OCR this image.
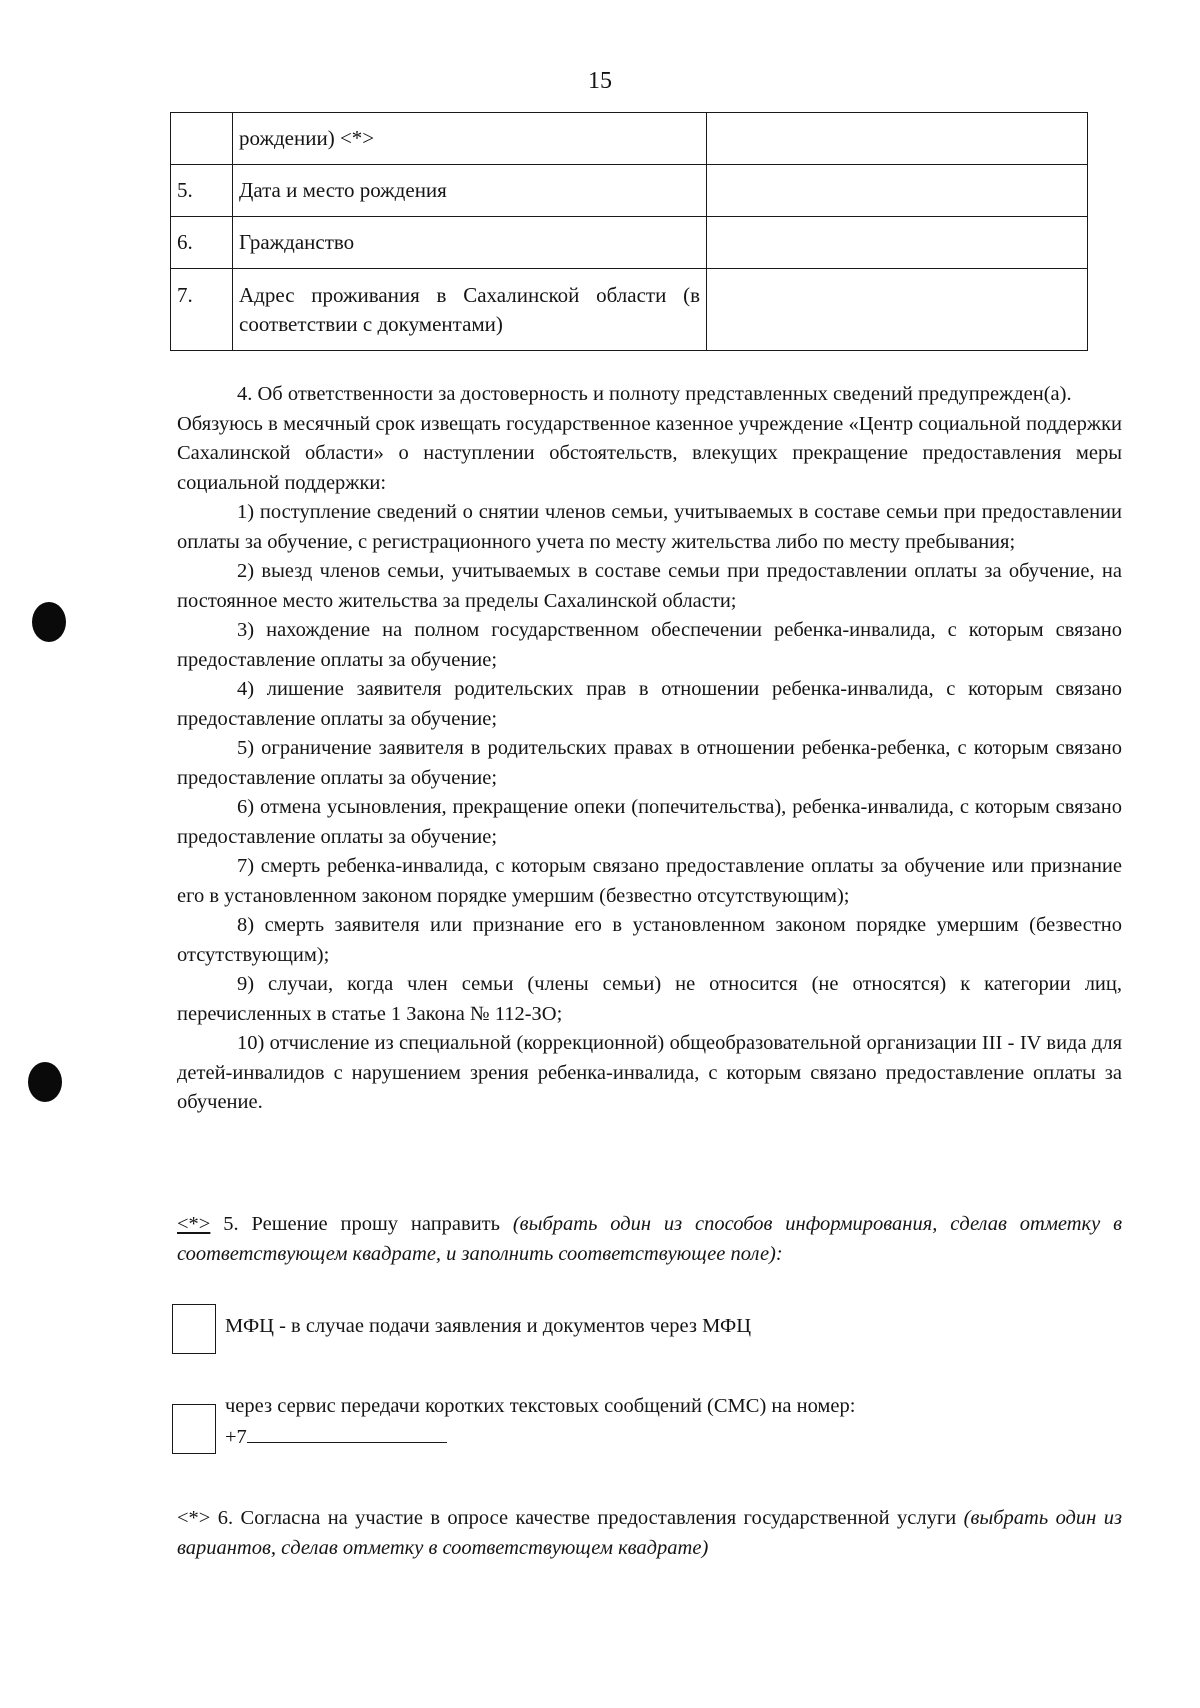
15
	рождении) <*>	
5.	Дата и место рождения	
6.	Гражданство	
7.	Адрес проживания в Сахалинской области (в соответствии с документами)	

4. Об ответственности за достоверность и полноту представленных сведений предупрежден(а).

Обязуюсь в месячный срок извещать государственное казенное учреждение «Центр социальной поддержки Сахалинской области» о наступлении обстоятельств, влекущих прекращение предоставления меры социальной поддержки:

1) поступление сведений о снятии членов семьи, учитываемых в составе семьи при предоставлении оплаты за обучение, с регистрационного учета по месту жительства либо по месту пребывания;

2) выезд членов семьи, учитываемых в составе семьи при предоставлении оплаты за обучение, на постоянное место жительства за пределы Сахалинской области;

3) нахождение на полном государственном обеспечении ребенка-инвалида, с которым связано предоставление оплаты за обучение;

4) лишение заявителя родительских прав в отношении ребенка-инвалида, с которым связано предоставление оплаты за обучение;

5) ограничение заявителя в родительских правах в отношении ребенка-ребенка, с которым связано предоставление оплаты за обучение;

6) отмена усыновления, прекращение опеки (попечительства), ребенка-инвалида, с которым связано предоставление оплаты за обучение;

7) смерть ребенка-инвалида, с которым связано предоставление оплаты за обучение или признание его в установленном законом порядке умершим (безвестно отсутствующим);

8) смерть заявителя или признание его в установленном законом порядке умершим (безвестно отсутствующим);

9) случаи, когда член семьи (члены семьи) не относится (не относятся) к категории лиц, перечисленных в статье 1 Закона № 112-ЗО;

10) отчисление из специальной (коррекционной) общеобразовательной организации III - IV вида для детей-инвалидов с нарушением зрения ребенка-инвалида, с которым связано предоставление оплаты за обучение.

<*> 5. Решение прошу направить (выбрать один из способов информирования, сделав отметку в соответствующем квадрате, и заполнить соответствующее поле):

МФЦ - в случае подачи заявления и документов через МФЦ
через сервис передачи коротких текстовых сообщений (СМС) на номер:
+7

<*> 6. Согласна на участие в опросе качестве предоставления государственной услуги (выбрать один из вариантов, сделав отметку в соответствующем квадрате)
